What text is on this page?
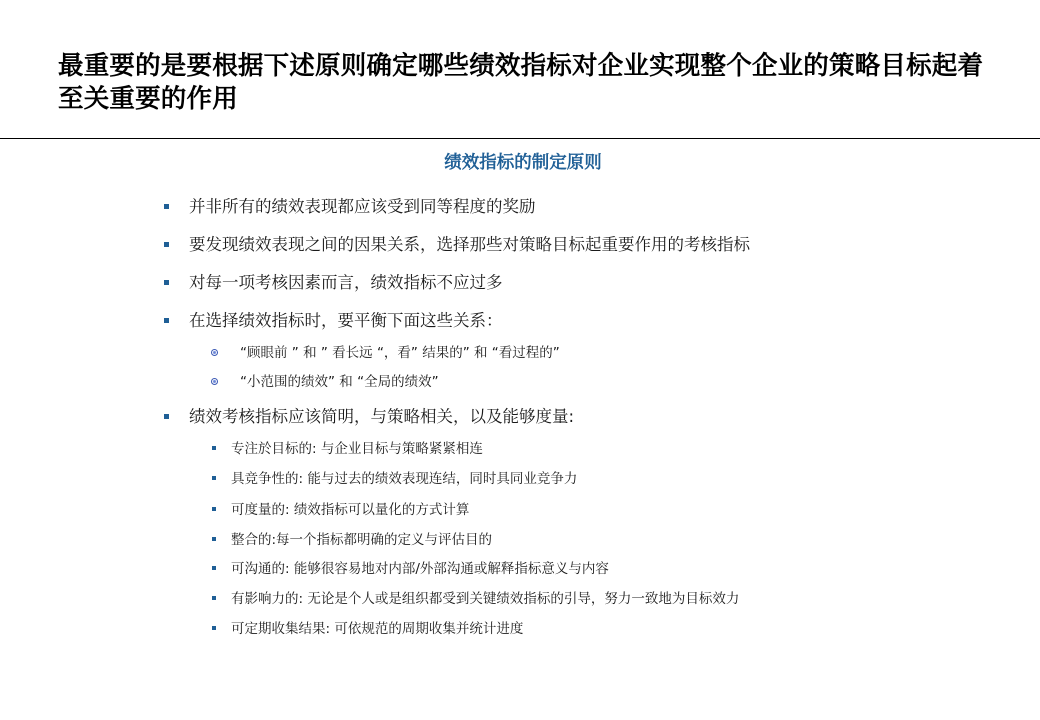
最重要的是要根据下述原则确定哪些绩效指标对企业实现整个企业的策略目标起着至关重要的作用
绩效指标的制定原则
并非所有的绩效表现都应该受到同等程度的奖励
要发现绩效表现之间的因果关系，选择那些对策略目标起重要作用的考核指标
对每一项考核因素而言，绩效指标不应过多
在选择绩效指标时，要平衡下面这些关系：
“顾眼前 ” 和 ” 看长远 “，看” 结果的” 和 “看过程的”
“小范围的绩效” 和 “全局的绩效”
绩效考核指标应该简明，与策略相关，以及能够度量:
专注於目标的: 与企业目标与策略紧紧相连
具竞争性的: 能与过去的绩效表现连结，同时具同业竞争力
可度量的: 绩效指标可以量化的方式计算
整合的:每一个指标都明确的定义与评估目的
可沟通的: 能够很容易地对内部/外部沟通或解释指标意义与内容
有影响力的: 无论是个人或是组织都受到关键绩效指标的引导，努力一致地为目标效力
可定期收集结果: 可依规范的周期收集并统计进度
